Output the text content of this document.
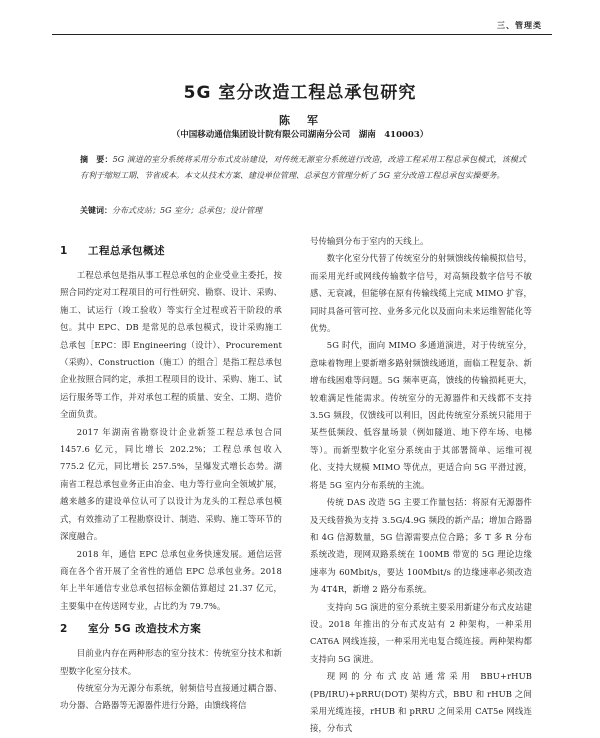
三、管理类
5G 室分改造工程总承包研究
陈　军
（中国移动通信集团设计院有限公司湖南分公司　湖南　410003）
摘　要：5G 演进的室分系统将采用分布式皮站建设，对传统无源室分系统进行改造，改造工程采用工程总承包模式，该模式有利于缩短工期、节省成本。本文从技术方案、建设单位管理、总承包方管理分析了 5G 室分改造工程总承包实操要务。
关键词：分布式皮站；5G 室分；总承包；设计管理
1 工程总承包概述

工程总承包是指从事工程总承包的企业受业主委托，按照合同约定对工程项目的可行性研究、勘察、设计、采购、施工、试运行（竣工验收）等实行全过程或若干阶段的承包。其中 EPC、DB 是常见的总承包模式，设计采购施工总承包［EPC：即 Engineering（设计）、Procurement（采购）、Construction（施工）的组合］是指工程总承包企业按照合同约定，承担工程项目的设计、采购、施工、试运行服务等工作，并对承包工程的质量、安全、工期、造价全面负责。

2017 年湖南省勘察设计企业新签工程总承包合同 1457.6 亿元，同比增长 202.2%；工程总承包收入 775.2 亿元，同比增长 257.5%，呈爆发式增长态势。湖南省工程总承包业务正由冶金、电力等行业向全领域扩展，越来越多的建设单位认可了以设计为龙头的工程总承包模式，有效推动了工程勘察设计、制造、采购、施工等环节的深度融合。

2018 年，通信 EPC 总承包业务快速发展。通信运营商在各个省开展了全省性的通信 EPC 总承包业务。2018 年上半年通信专业总承包招标金额估算超过 21.37 亿元，主要集中在传送网专业，占比约为 79.7%。

2 室分 5G 改造技术方案

目前业内存在两种形态的室分技术：传统室分技术和新型数字化室分技术。

传统室分为无源分布系统，射频信号直接通过耦合器、功分器、合路器等无源器件进行分路，由馈线将信

号传输到分布于室内的天线上。

数字化室分代替了传统室分的射频馈线传输模拟信号，而采用光纤或网线传输数字信号，对高频段数字信号不敏感、无衰减，但能够在原有传输线缆上完成 MIMO 扩容，同时具备可管可控、业务多元化以及面向未来运维智能化等优势。

5G 时代，面向 MIMO 多通道演进，对于传统室分，意味着物理上要新增多路射频馈线通道，面临工程复杂、新增布线困难等问题。5G 频率更高，馈线的传输损耗更大，较难满足性能需求。传统室分的无源器件和天线都不支持 3.5G 频段，仅馈线可以利旧，因此传统室分系统只能用于某些低频段、低容量场景（例如隧道、地下停车场、电梯等）。而新型数字化室分系统由于其部署简单、运维可视化、支持大规模 MIMO 等优点，更适合向 5G 平滑过渡，将是 5G 室内分布系统的主流。

传统 DAS 改造 5G 主要工作量包括：将原有无源器件及天线替换为支持 3.5G/4.9G 频段的新产品；增加合路器和 4G 信源数量，5G 信源需要点位合路；多 T 多 R 分布系统改造，现网双路系统在 100MB 带宽的 5G 理论边缘速率为 60Mbit/s，要达 100Mbit/s 的边缘速率必须改造为 4T4R，新增 2 路分布系统。

支持向 5G 演进的室分系统主要采用新建分布式皮站建设。2018 年推出的分布式皮站有 2 种架构，一种采用 CAT6A 网线连接，一种采用光电复合缆连接。两种架构都支持向 5G 演进。

现网的分布式皮站通常采用 BBU+rHUB (PB/IRU)+pRRU(DOT) 架构方式，BBU 和 rHUB 之间采用光缆连接，rHUB 和 pRRU 之间采用 CAT5e 网线连接，分布式
